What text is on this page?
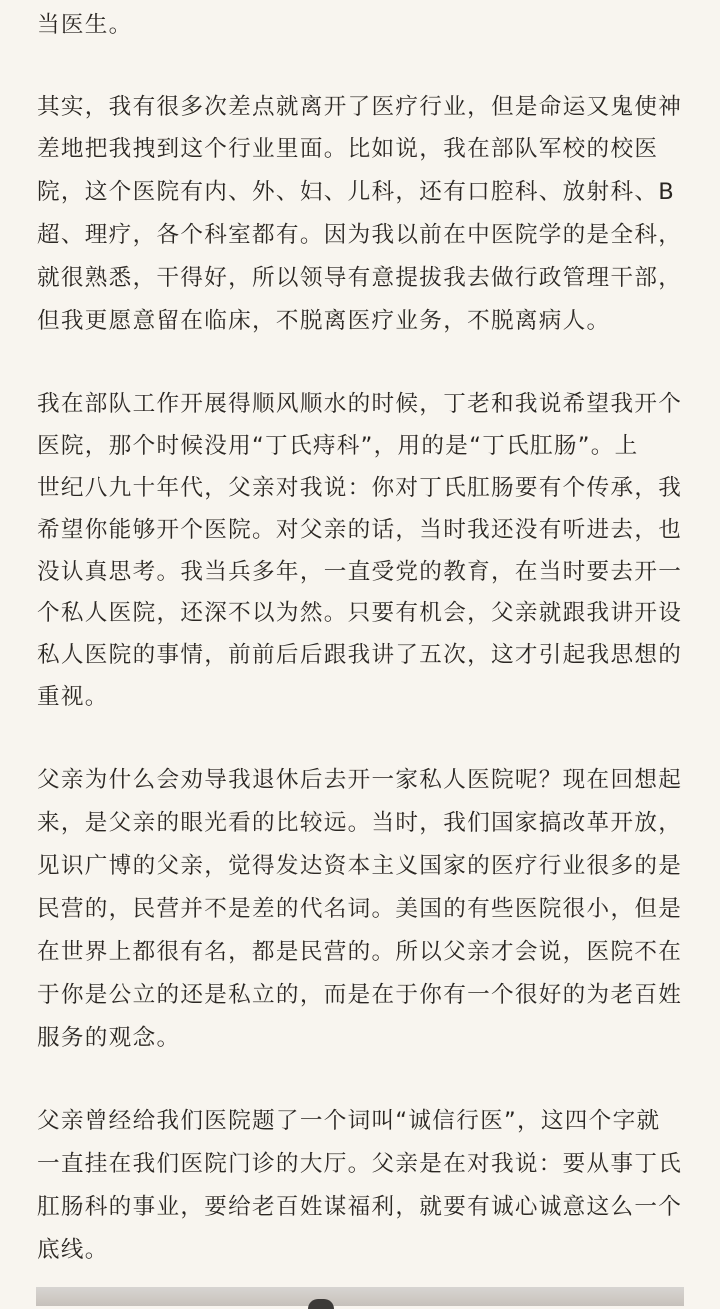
当医生。
其实，我有很多次差点就离开了医疗行业，但是命运又鬼使神
差地把我拽到这个行业里面。比如说，我在部队军校的校医
院，这个医院有内、外、妇、儿科，还有口腔科、放射科、B
超、理疗，各个科室都有。因为我以前在中医院学的是全科，
就很熟悉，干得好，所以领导有意提拔我去做行政管理干部，
但我更愿意留在临床，不脱离医疗业务，不脱离病人。
我在部队工作开展得顺风顺水的时候，丁老和我说希望我开个
医院，那个时候没用“丁氏痔科”，用的是“丁氏肛肠”。上
世纪八九十年代，父亲对我说：你对丁氏肛肠要有个传承，我
希望你能够开个医院。对父亲的话，当时我还没有听进去，也
没认真思考。我当兵多年，一直受党的教育，在当时要去开一
个私人医院，还深不以为然。只要有机会，父亲就跟我讲开设
私人医院的事情，前前后后跟我讲了五次，这才引起我思想的
重视。
父亲为什么会劝导我退休后去开一家私人医院呢？现在回想起
来，是父亲的眼光看的比较远。当时，我们国家搞改革开放，
见识广博的父亲，觉得发达资本主义国家的医疗行业很多的是
民营的，民营并不是差的代名词。美国的有些医院很小，但是
在世界上都很有名，都是民营的。所以父亲才会说，医院不在
于你是公立的还是私立的，而是在于你有一个很好的为老百姓
服务的观念。
父亲曾经给我们医院题了一个词叫“诚信行医”，这四个字就
一直挂在我们医院门诊的大厅。父亲是在对我说：要从事丁氏
肛肠科的事业，要给老百姓谋福利，就要有诚心诚意这么一个
底线。
